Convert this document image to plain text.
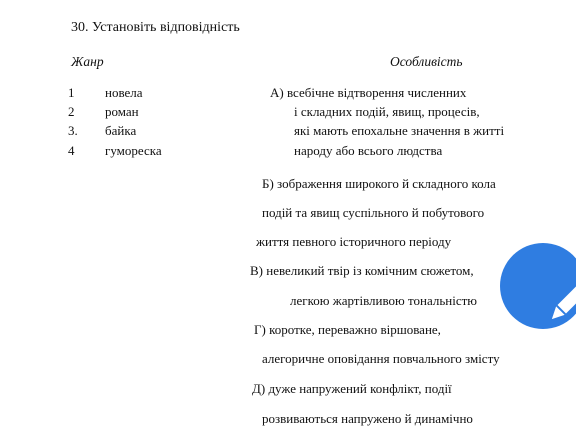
30. Установіть відповідність
Жанр	Особливість
1 новела
2 роман
3. байка
4 гумореска
А) всебічне відтворення численних
і складних подій, явищ, процесів,
які мають епохальне значення в житті
народу або всього людства
Б) зображення широкого й складного кола
подій та явищ суспільного й побутового
життя певного історичного періоду
В) невеликий твір із комічним сюжетом,
легкою жартівливою тональністю
Г) коротке, переважно віршоване,
алегоричне оповідання повчального змісту
Д) дуже напружений конфлікт, події
розвиваються напружено й динамічно
